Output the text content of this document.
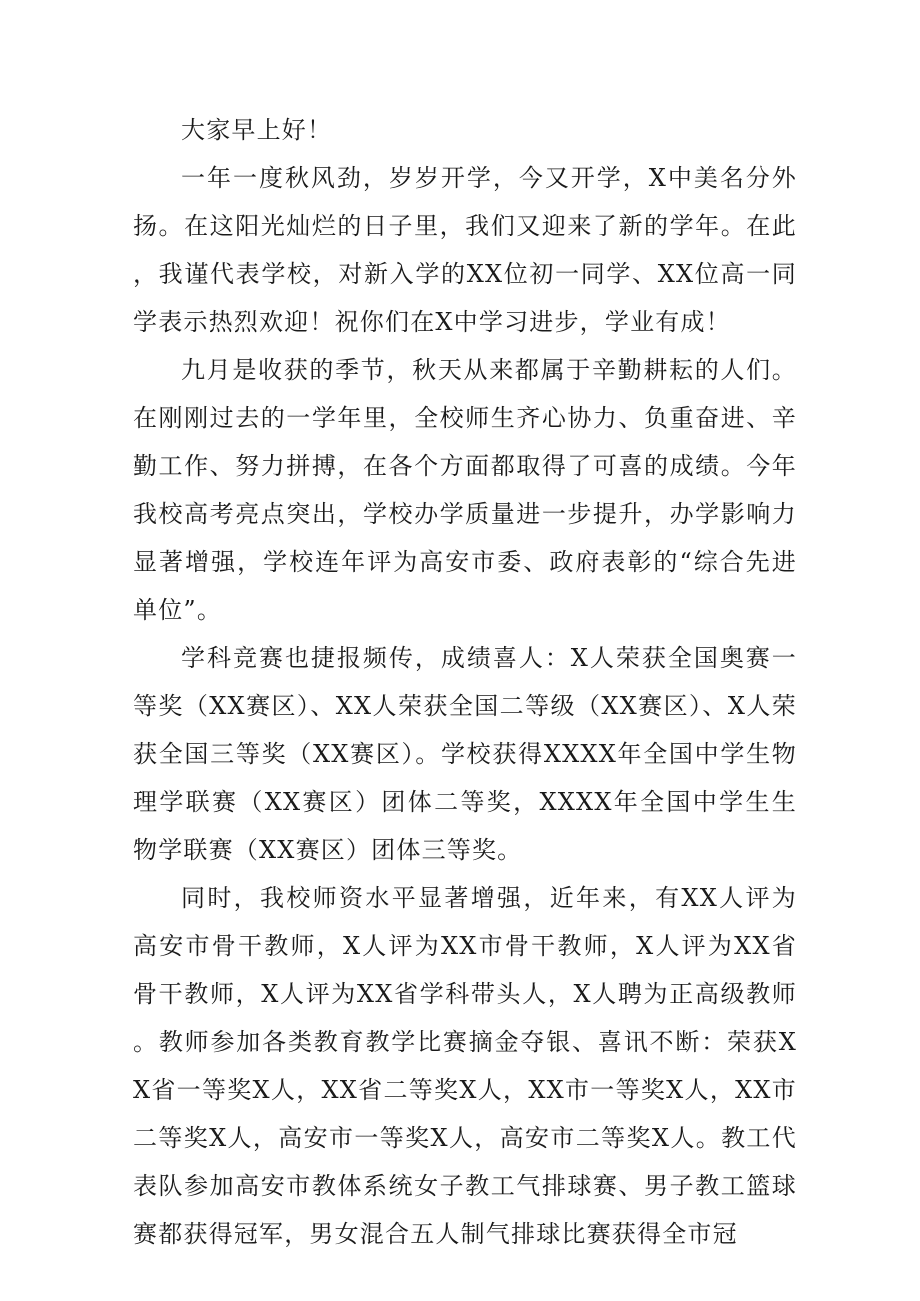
大家早上好！

一年一度秋风劲，岁岁开学，今又开学，X中美名分外扬。在这阳光灿烂的日子里，我们又迎来了新的学年。在此，我谨代表学校，对新入学的XX位初一同学、XX位高一同学表示热烈欢迎！祝你们在X中学习进步，学业有成！

九月是收获的季节，秋天从来都属于辛勤耕耘的人们。在刚刚过去的一学年里，全校师生齐心协力、负重奋进、辛勤工作、努力拼搏，在各个方面都取得了可喜的成绩。今年我校高考亮点突出，学校办学质量进一步提升，办学影响力显著增强，学校连年评为高安市委、政府表彰的“综合先进单位”。

学科竞赛也捷报频传，成绩喜人：X人荣获全国奥赛一等奖（XX赛区）、XX人荣获全国二等级（XX赛区）、X人荣获全国三等奖（XX赛区）。学校获得XXXX年全国中学生物理学联赛（XX赛区）团体二等奖，XXXX年全国中学生生物学联赛（XX赛区）团体三等奖。

同时，我校师资水平显著增强，近年来，有XX人评为高安市骨干教师，X人评为XX市骨干教师，X人评为XX省骨干教师，X人评为XX省学科带头人，X人聘为正高级教师。教师参加各类教育教学比赛摘金夺银、喜讯不断：荣获XX省一等奖X人，XX省二等奖X人，XX市一等奖X人，XX市二等奖X人，高安市一等奖X人，高安市二等奖X人。教工代表队参加高安市教体系统女子教工气排球赛、男子教工篮球赛都获得冠军，男女混合五人制气排球比赛获得全市冠
